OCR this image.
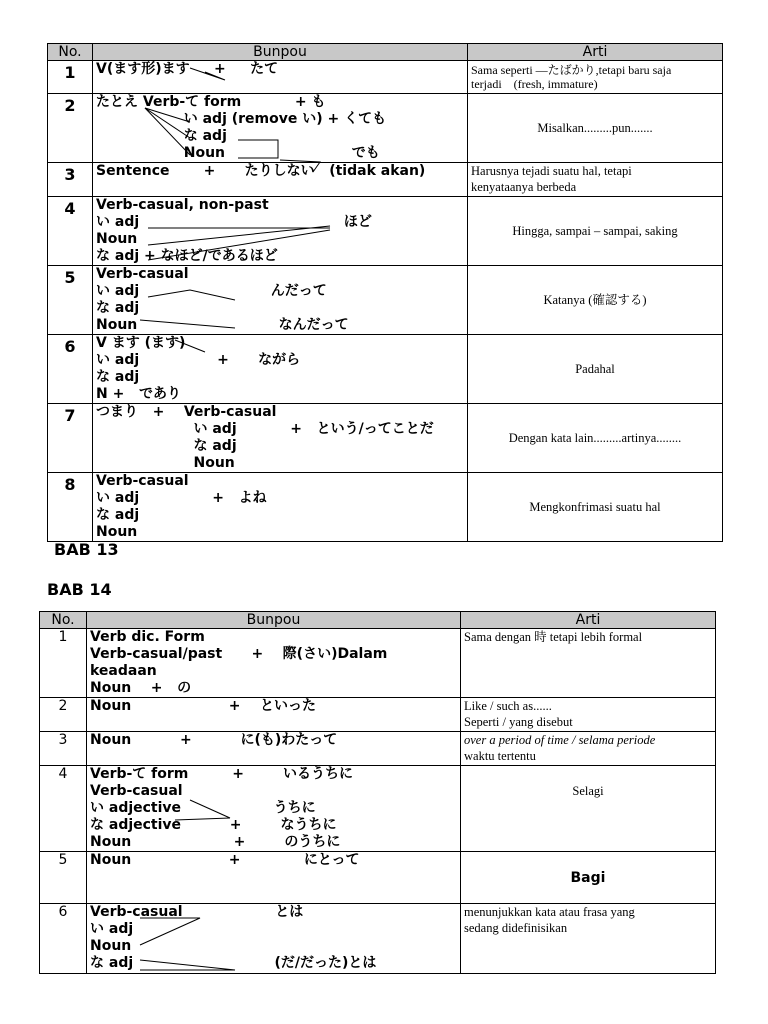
No.	Bunpou	Arti
1	V(ます形)ます     +     たて	Sama seperti —たばかり,tetapi baru saja
terjadi    (fresh, immature)

2	たとえ Verb-て form           + も
い adj (remove い) + くても
な adj
Noun                          でも	Misalkan.........pun.......

3	Sentence       +      たりしない   (tidak akan)	Harusnya tejadi suatu hal, tetapi
kenyataanya berbeda

4	Verb-casual, non-past
い adj                                          ほど
Noun
な adj + なほど/であるほど	Hingga, sampai – sampai, saking

5	Verb-casual
い adj                           んだって
な adj
Noun                             なんだって	Katanya (確認する)

6	V ます (ます)
い adj                +      ながら
な adj
N +   であり	Padahal

7	つまり   +    Verb-casual
い adj           +   という/ってことだ
な adj
Noun	Dengan kata lain.........artinya........

8	Verb-casual
い adj               +   よね
な adj
Noun	Mengkonfrimasi suatu hal
BAB 13
BAB 14
No.	Bunpou	Arti
1	Verb dic. Form
Verb-casual/past      +    際(さい)Dalam
keadaan
Noun    +   の	Sama dengan 時 tetapi lebih formal

2	Noun                    +    といった	Like / such as......
Seperti / yang disebut

3	Noun          +          に(も)わたって	over a period of time / selama periode
waktu tertentu

4	Verb-て form         +        いるうちに
Verb-casual
い adjective                   うちに
な adjective          +        なうちに
Noun                     +        のうちに	Selagi

5	Noun                    +             にとって	Bagi

6	Verb-casual                   とは
い adj
Noun
な adj                             (だ/だった)とは	menunjukkan kata atau frasa yang
sedang didefinisikan
